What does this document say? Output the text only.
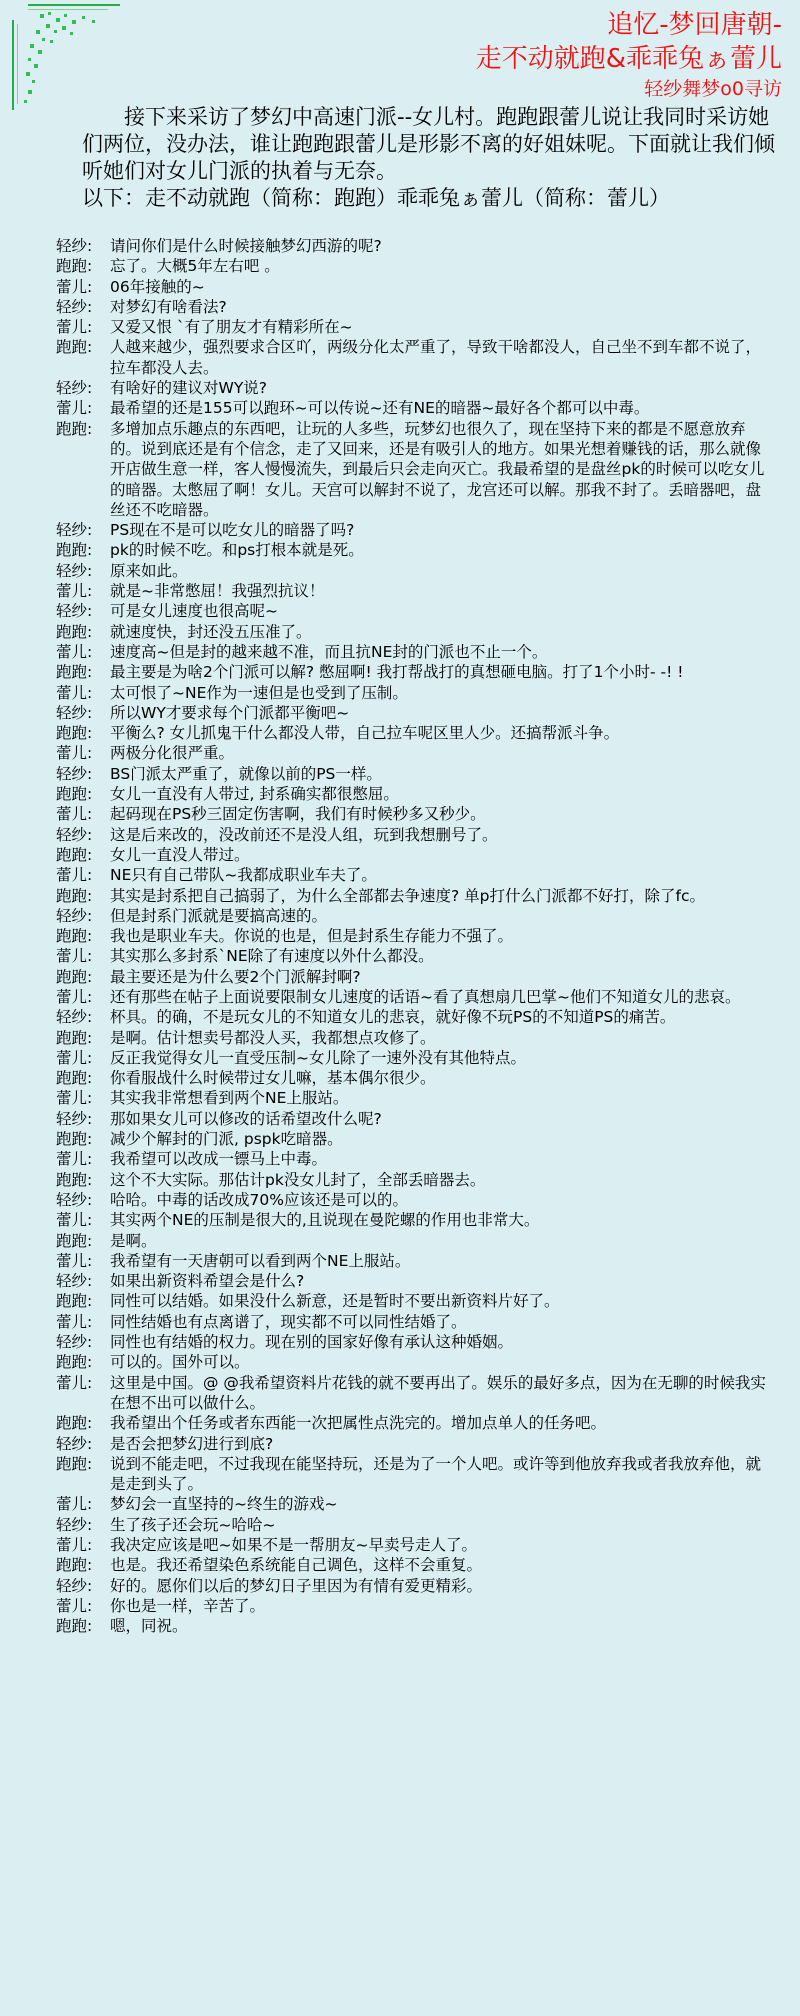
追忆-梦回唐朝-
走不动就跑&乖乖兔ぁ蕾儿
轻纱舞梦o0寻访

接下来采访了梦幻中高速门派--女儿村。跑跑跟蕾儿说让我同时采访她们两位，没办法，谁让跑跑跟蕾儿是形影不离的好姐妹呢。下面就让我们倾听她们对女儿门派的执着与无奈。

以下：走不动就跑（简称：跑跑）乖乖兔ぁ蕾儿（简称：蕾儿）

轻纱:	请问你们是什么时候接触梦幻西游的呢?
跑跑:	忘了。大概5年左右吧 。
蕾儿:	06年接触的~
轻纱:	对梦幻有啥看法?
蕾儿:	又爱又恨 `有了朋友才有精彩所在~
跑跑:	人越来越少，强烈要求合区吖，两级分化太严重了，导致干啥都没人，自己坐不到车都不说了，拉车都没人去。
轻纱:	有啥好的建议对WY说?
蕾儿:	最希望的还是155可以跑环~可以传说~还有NE的暗器~最好各个都可以中毒。
跑跑:	多增加点乐趣点的东西吧，让玩的人多些，玩梦幻也很久了，现在坚持下来的都是不愿意放弃的。说到底还是有个信念，走了又回来，还是有吸引人的地方。如果光想着赚钱的话，那么就像开店做生意一样，客人慢慢流失，到最后只会走向灭亡。我最希望的是盘丝pk的时候可以吃女儿的暗器。太憋屈了啊！女儿。天宫可以解封不说了，龙宫还可以解。那我不封了。丢暗器吧，盘丝还不吃暗器。
轻纱:	PS现在不是可以吃女儿的暗器了吗?
跑跑:	pk的时候不吃。和ps打根本就是死。
轻纱:	原来如此。
蕾儿:	就是~非常憋屈！我强烈抗议！
轻纱:	可是女儿速度也很高呢~
跑跑:	就速度快，封还没五压准了。
蕾儿:	速度高~但是封的越来越不准，而且抗NE封的门派也不止一个。
跑跑:	最主要是为啥2个门派可以解? 憋屈啊! 我打帮战打的真想砸电脑。打了1个小时- -! !
蕾儿:	太可恨了~NE作为一速但是也受到了压制。
轻纱:	所以WY才要求每个门派都平衡吧~
跑跑:	平衡么? 女儿抓鬼干什么都没人带，自己拉车呢区里人少。还搞帮派斗争。
蕾儿:	两极分化很严重。
轻纱:	BS门派太严重了，就像以前的PS一样。
跑跑:	女儿一直没有人带过, 封系确实都很憋屈。
蕾儿:	起码现在PS秒三固定伤害啊，我们有时候秒多又秒少。
轻纱:	这是后来改的，没改前还不是没人组，玩到我想删号了。
跑跑:	女儿一直没人带过。
蕾儿:	NE只有自己带队~我都成职业车夫了。
跑跑:	其实是封系把自己搞弱了，为什么全部都去争速度? 单p打什么门派都不好打，除了fc。
轻纱:	但是封系门派就是要搞高速的。
跑跑:	我也是职业车夫。你说的也是，但是封系生存能力不强了。
蕾儿:	其实那么多封系`NE除了有速度以外什么都没。
跑跑:	最主要还是为什么要2个门派解封啊?
蕾儿:	还有那些在帖子上面说要限制女儿速度的话语~看了真想扇几巴掌~他们不知道女儿的悲哀。
轻纱:	杯具。的确，不是玩女儿的不知道女儿的悲哀，就好像不玩PS的不知道PS的痛苦。
跑跑:	是啊。估计想卖号都没人买，我都想点攻修了。
蕾儿:	反正我觉得女儿一直受压制~女儿除了一速外没有其他特点。
跑跑:	你看服战什么时候带过女儿嘛，基本偶尔很少。
蕾儿:	其实我非常想看到两个NE上服站。
轻纱:	那如果女儿可以修改的话希望改什么呢?
跑跑:	减少个解封的门派, pspk吃暗器。
蕾儿:	我希望可以改成一镖马上中毒。
跑跑:	这个不大实际。那估计pk没女儿封了，全部丢暗器去。
轻纱:	哈哈。中毒的话改成70%应该还是可以的。
蕾儿:	其实两个NE的压制是很大的,且说现在曼陀螺的作用也非常大。
跑跑:	是啊。
蕾儿:	我希望有一天唐朝可以看到两个NE上服站。
轻纱:	如果出新资料希望会是什么?
跑跑:	同性可以结婚。如果没什么新意，还是暂时不要出新资料片好了。
蕾儿:	同性结婚也有点离谱了，现实都不可以同性结婚了。
轻纱:	同性也有结婚的权力。现在别的国家好像有承认这种婚姻。
跑跑:	可以的。国外可以。
蕾儿:	这里是中国。@ @我希望资料片花钱的就不要再出了。娱乐的最好多点，因为在无聊的时候我实在想不出可以做什么。
跑跑:	我希望出个任务或者东西能一次把属性点洗完的。增加点单人的任务吧。
轻纱:	是否会把梦幻进行到底?
跑跑:	说到不能走吧，不过我现在能坚持玩，还是为了一个人吧。或许等到他放弃我或者我放弃他，就是走到头了。
蕾儿:	梦幻会一直坚持的~终生的游戏~
轻纱:	生了孩子还会玩~哈哈~
蕾儿:	我决定应该是吧~如果不是一帮朋友~早卖号走人了。
跑跑:	也是。我还希望染色系统能自己调色，这样不会重复。
轻纱:	好的。愿你们以后的梦幻日子里因为有情有爱更精彩。
蕾儿:	你也是一样，辛苦了。
跑跑:	嗯，同祝。
